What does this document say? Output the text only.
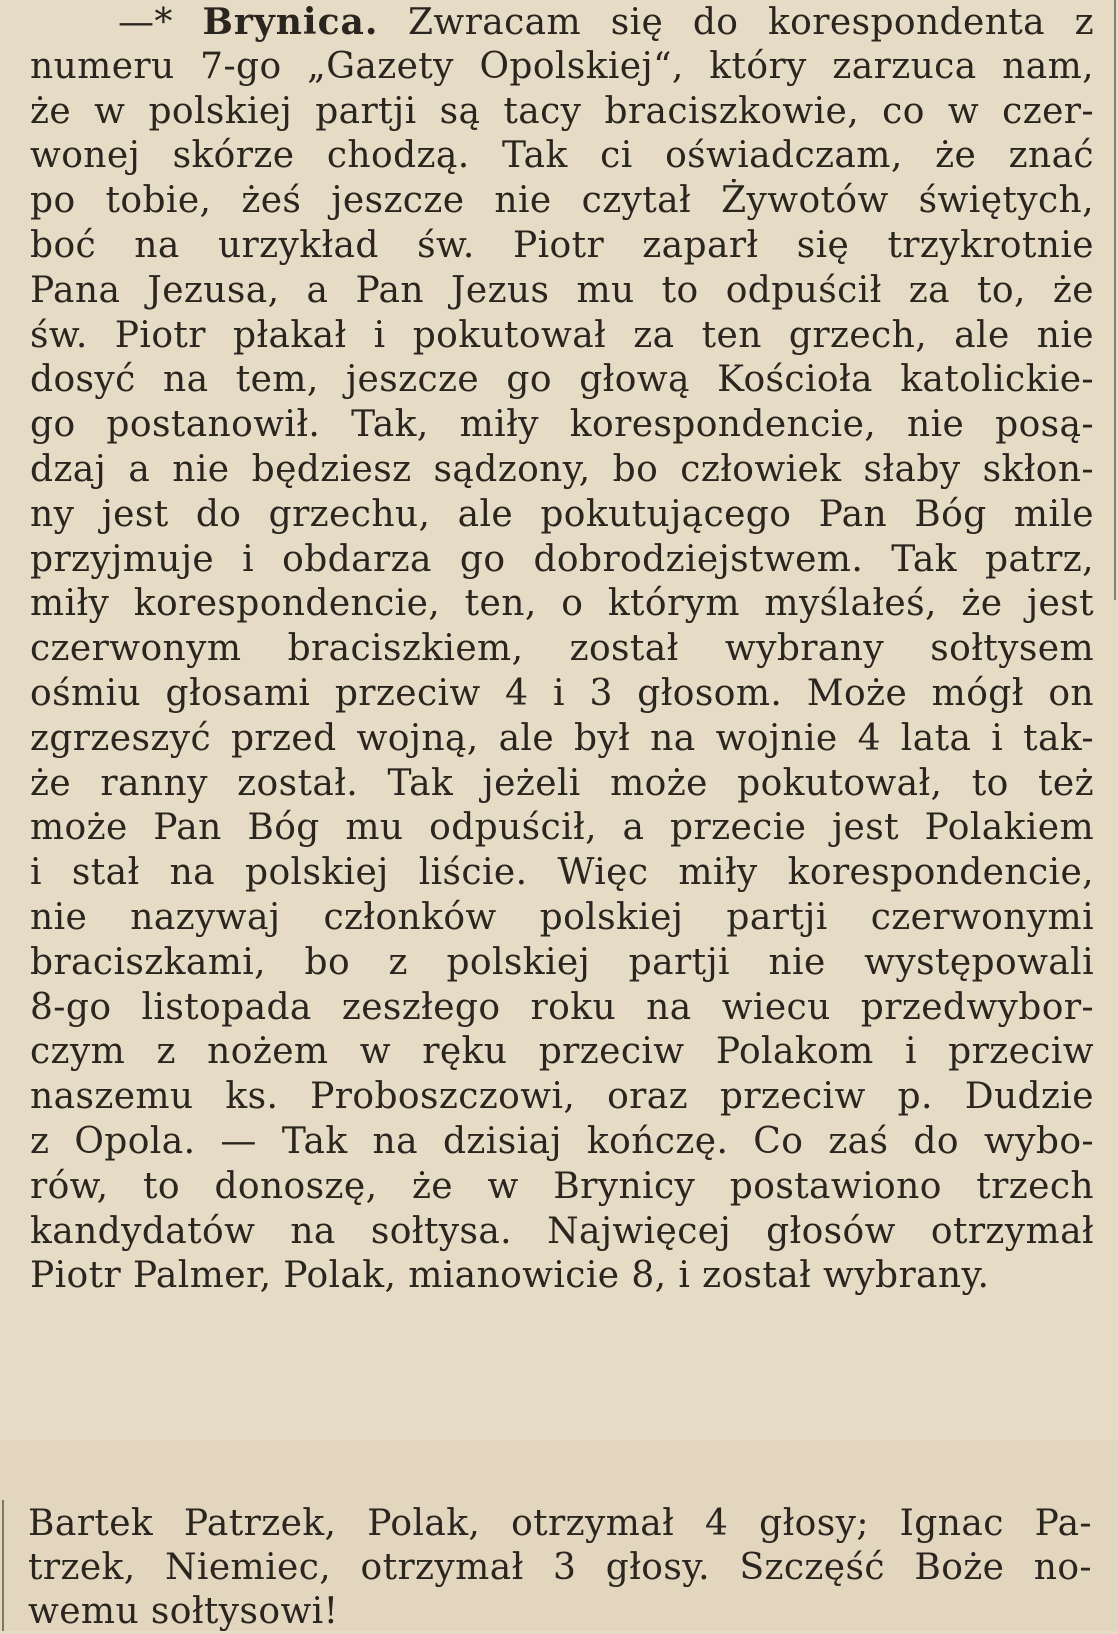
—* Brynica. Zwracam się do korespondenta z
numeru 7-go „Gazety Opolskiej“, który zarzuca nam,
że w polskiej partji są tacy braciszkowie, co w czer-
wonej skórze chodzą. Tak ci oświadczam, że znać
po tobie, żeś jeszcze nie czytał Żywotów świętych,
boć na urzykład św. Piotr zaparł się trzykrotnie
Pana Jezusa, a Pan Jezus mu to odpuścił za to, że
św. Piotr płakał i pokutował za ten grzech, ale nie
dosyć na tem, jeszcze go głową Kościoła katolickie-
go postanowił. Tak, miły korespondencie, nie posą-
dzaj a nie będziesz sądzony, bo człowiek słaby skłon-
ny jest do grzechu, ale pokutującego Pan Bóg mile
przyjmuje i obdarza go dobrodziejstwem. Tak patrz,
miły korespondencie, ten, o którym myślałeś, że jest
czerwonym braciszkiem, został wybrany sołtysem
ośmiu głosami przeciw 4 i 3 głosom. Może mógł on
zgrzeszyć przed wojną, ale był na wojnie 4 lata i tak-
że ranny został. Tak jeżeli może pokutował, to też
może Pan Bóg mu odpuścił, a przecie jest Polakiem
i stał na polskiej liście. Więc miły korespondencie,
nie nazywaj członków polskiej partji czerwonymi
braciszkami, bo z polskiej partji nie występowali
8-go listopada zeszłego roku na wiecu przedwybor-
czym z nożem w ręku przeciw Polakom i przeciw
naszemu ks. Proboszczowi, oraz przeciw p. Dudzie
z Opola. — Tak na dzisiaj kończę. Co zaś do wybo-
rów, to donoszę, że w Brynicy postawiono trzech
kandydatów na sołtysa. Najwięcej głosów otrzymał
Piotr Palmer, Polak, mianowicie 8, i został wybrany.
Bartek Patrzek, Polak, otrzymał 4 głosy; Ignac Pa-
trzek, Niemiec, otrzymał 3 głosy. Szczęść Boże no-
wemu sołtysowi!
